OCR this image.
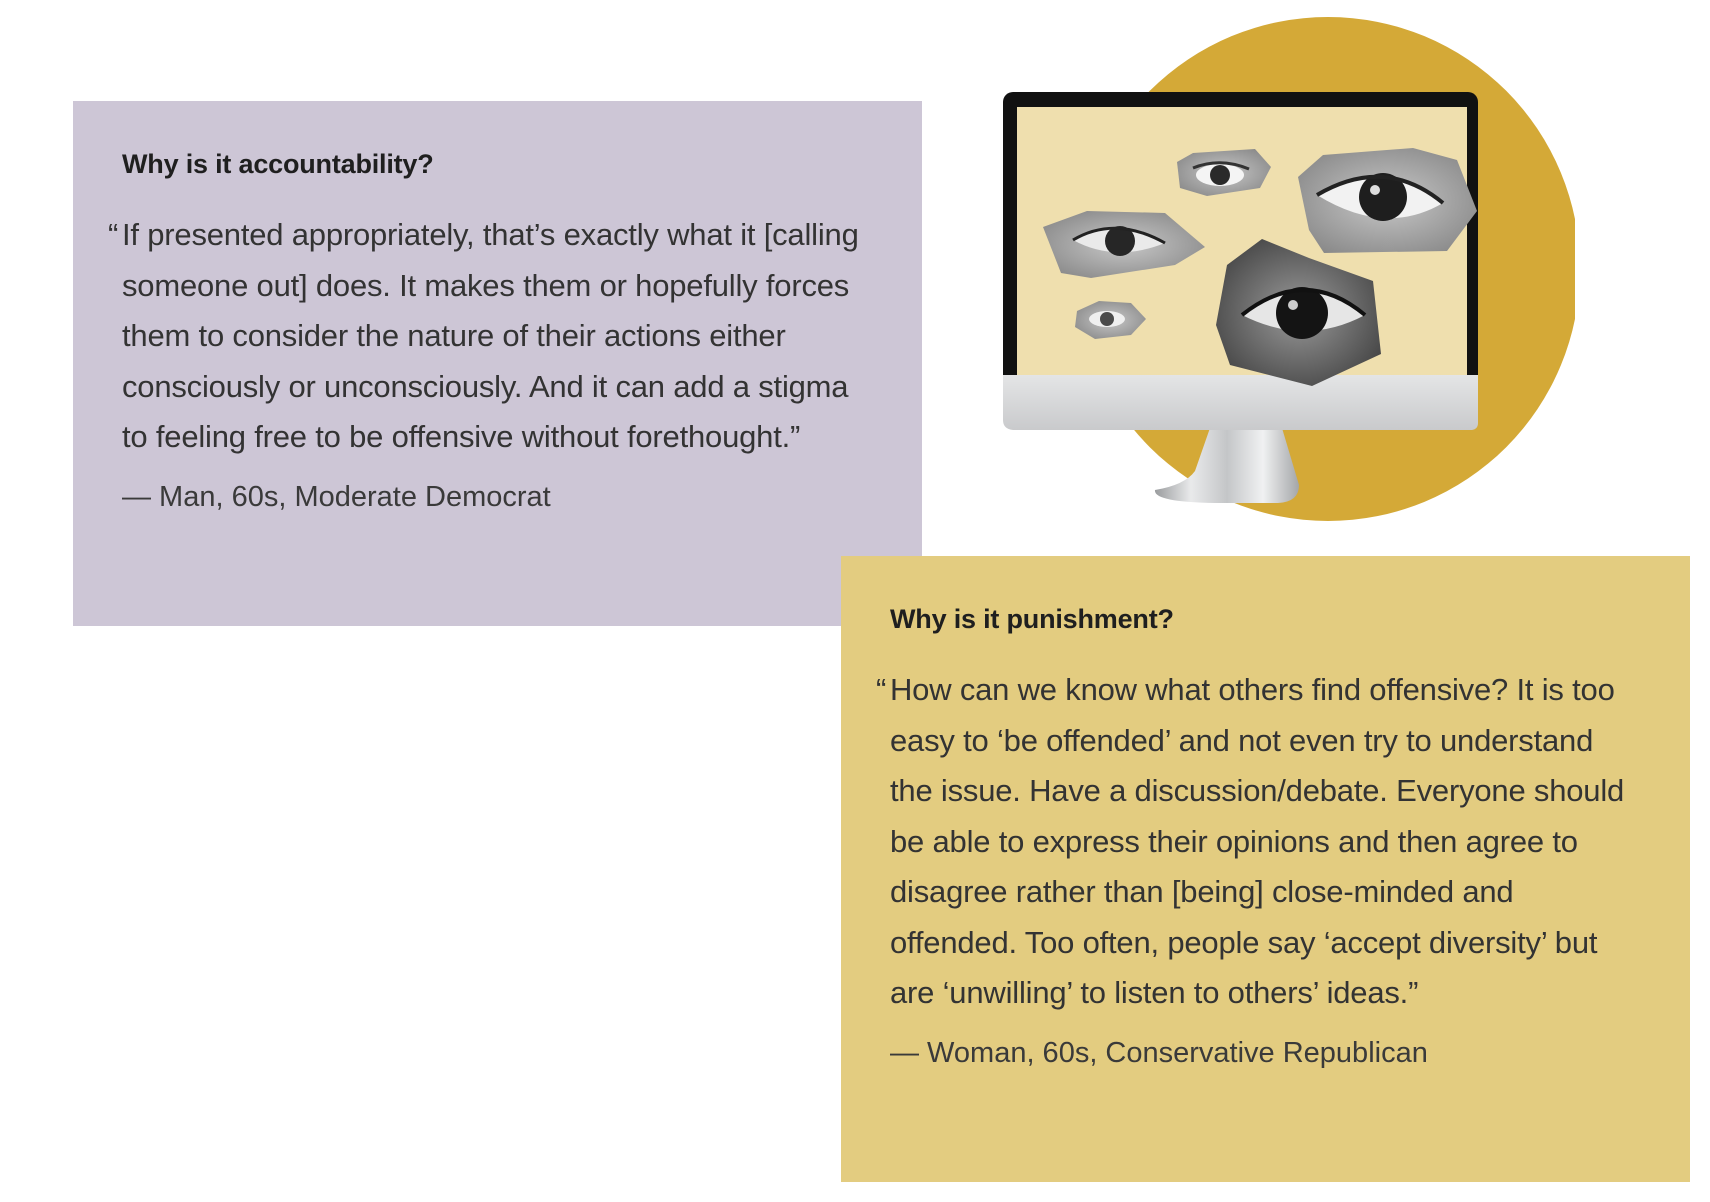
Why is it accountability?

“ If presented appropriately, that’s exactly what it [calling someone out] does. It makes them or hopefully forces them to consider the nature of their actions either consciously or unconsciously. And it can add a stigma to feeling free to be offensive without forethought.”

— Man, 60s, Moderate Democrat

Why is it punishment?

“ How can we know what others find offensive? It is too easy to ‘be offended’ and not even try to understand the issue. Have a discussion/debate. Everyone should be able to express their opinions and then agree to disagree rather than [being] close-minded and offended. Too often, people say ‘accept diversity’ but are ‘unwilling’ to listen to others’ ideas.”

— Woman, 60s, Conservative Republican
